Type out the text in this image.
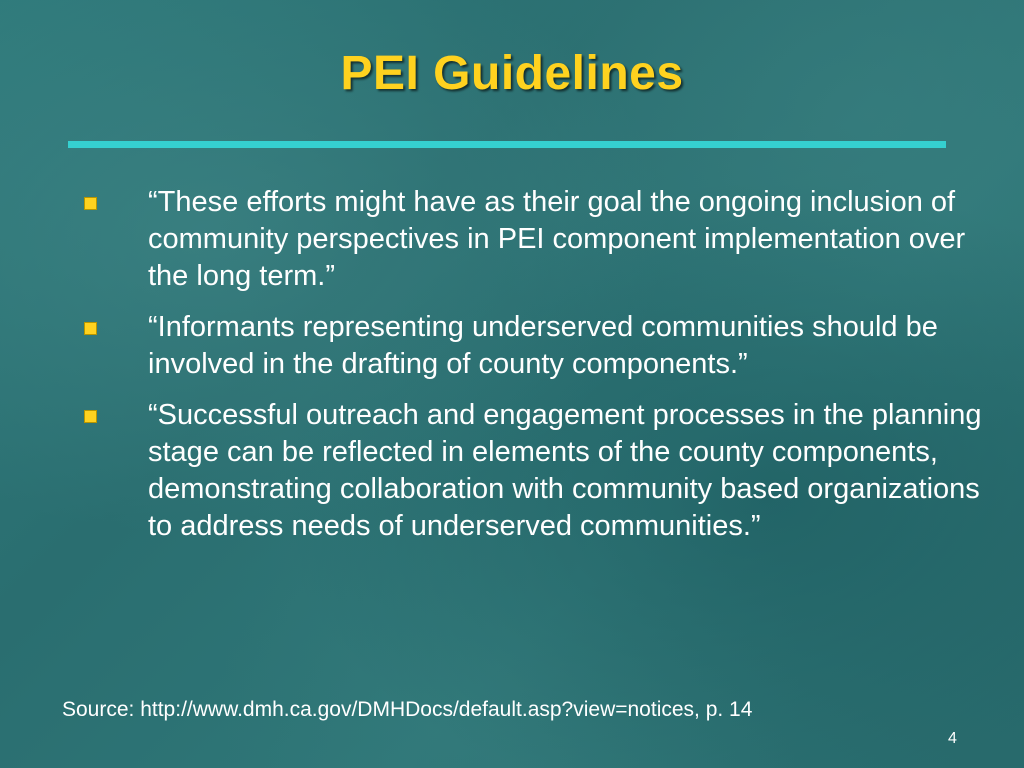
PEI Guidelines
“These efforts might have as their goal the ongoing inclusion of community perspectives in PEI component implementation over the long term.”
“Informants representing underserved communities should be involved in the drafting of county components.”
“Successful outreach and engagement processes in the planning stage can be reflected in elements of the county components, demonstrating collaboration with community based organizations to address needs of underserved communities.”
Source: http://www.dmh.ca.gov/DMHDocs/default.asp?view=notices, p. 14
4
